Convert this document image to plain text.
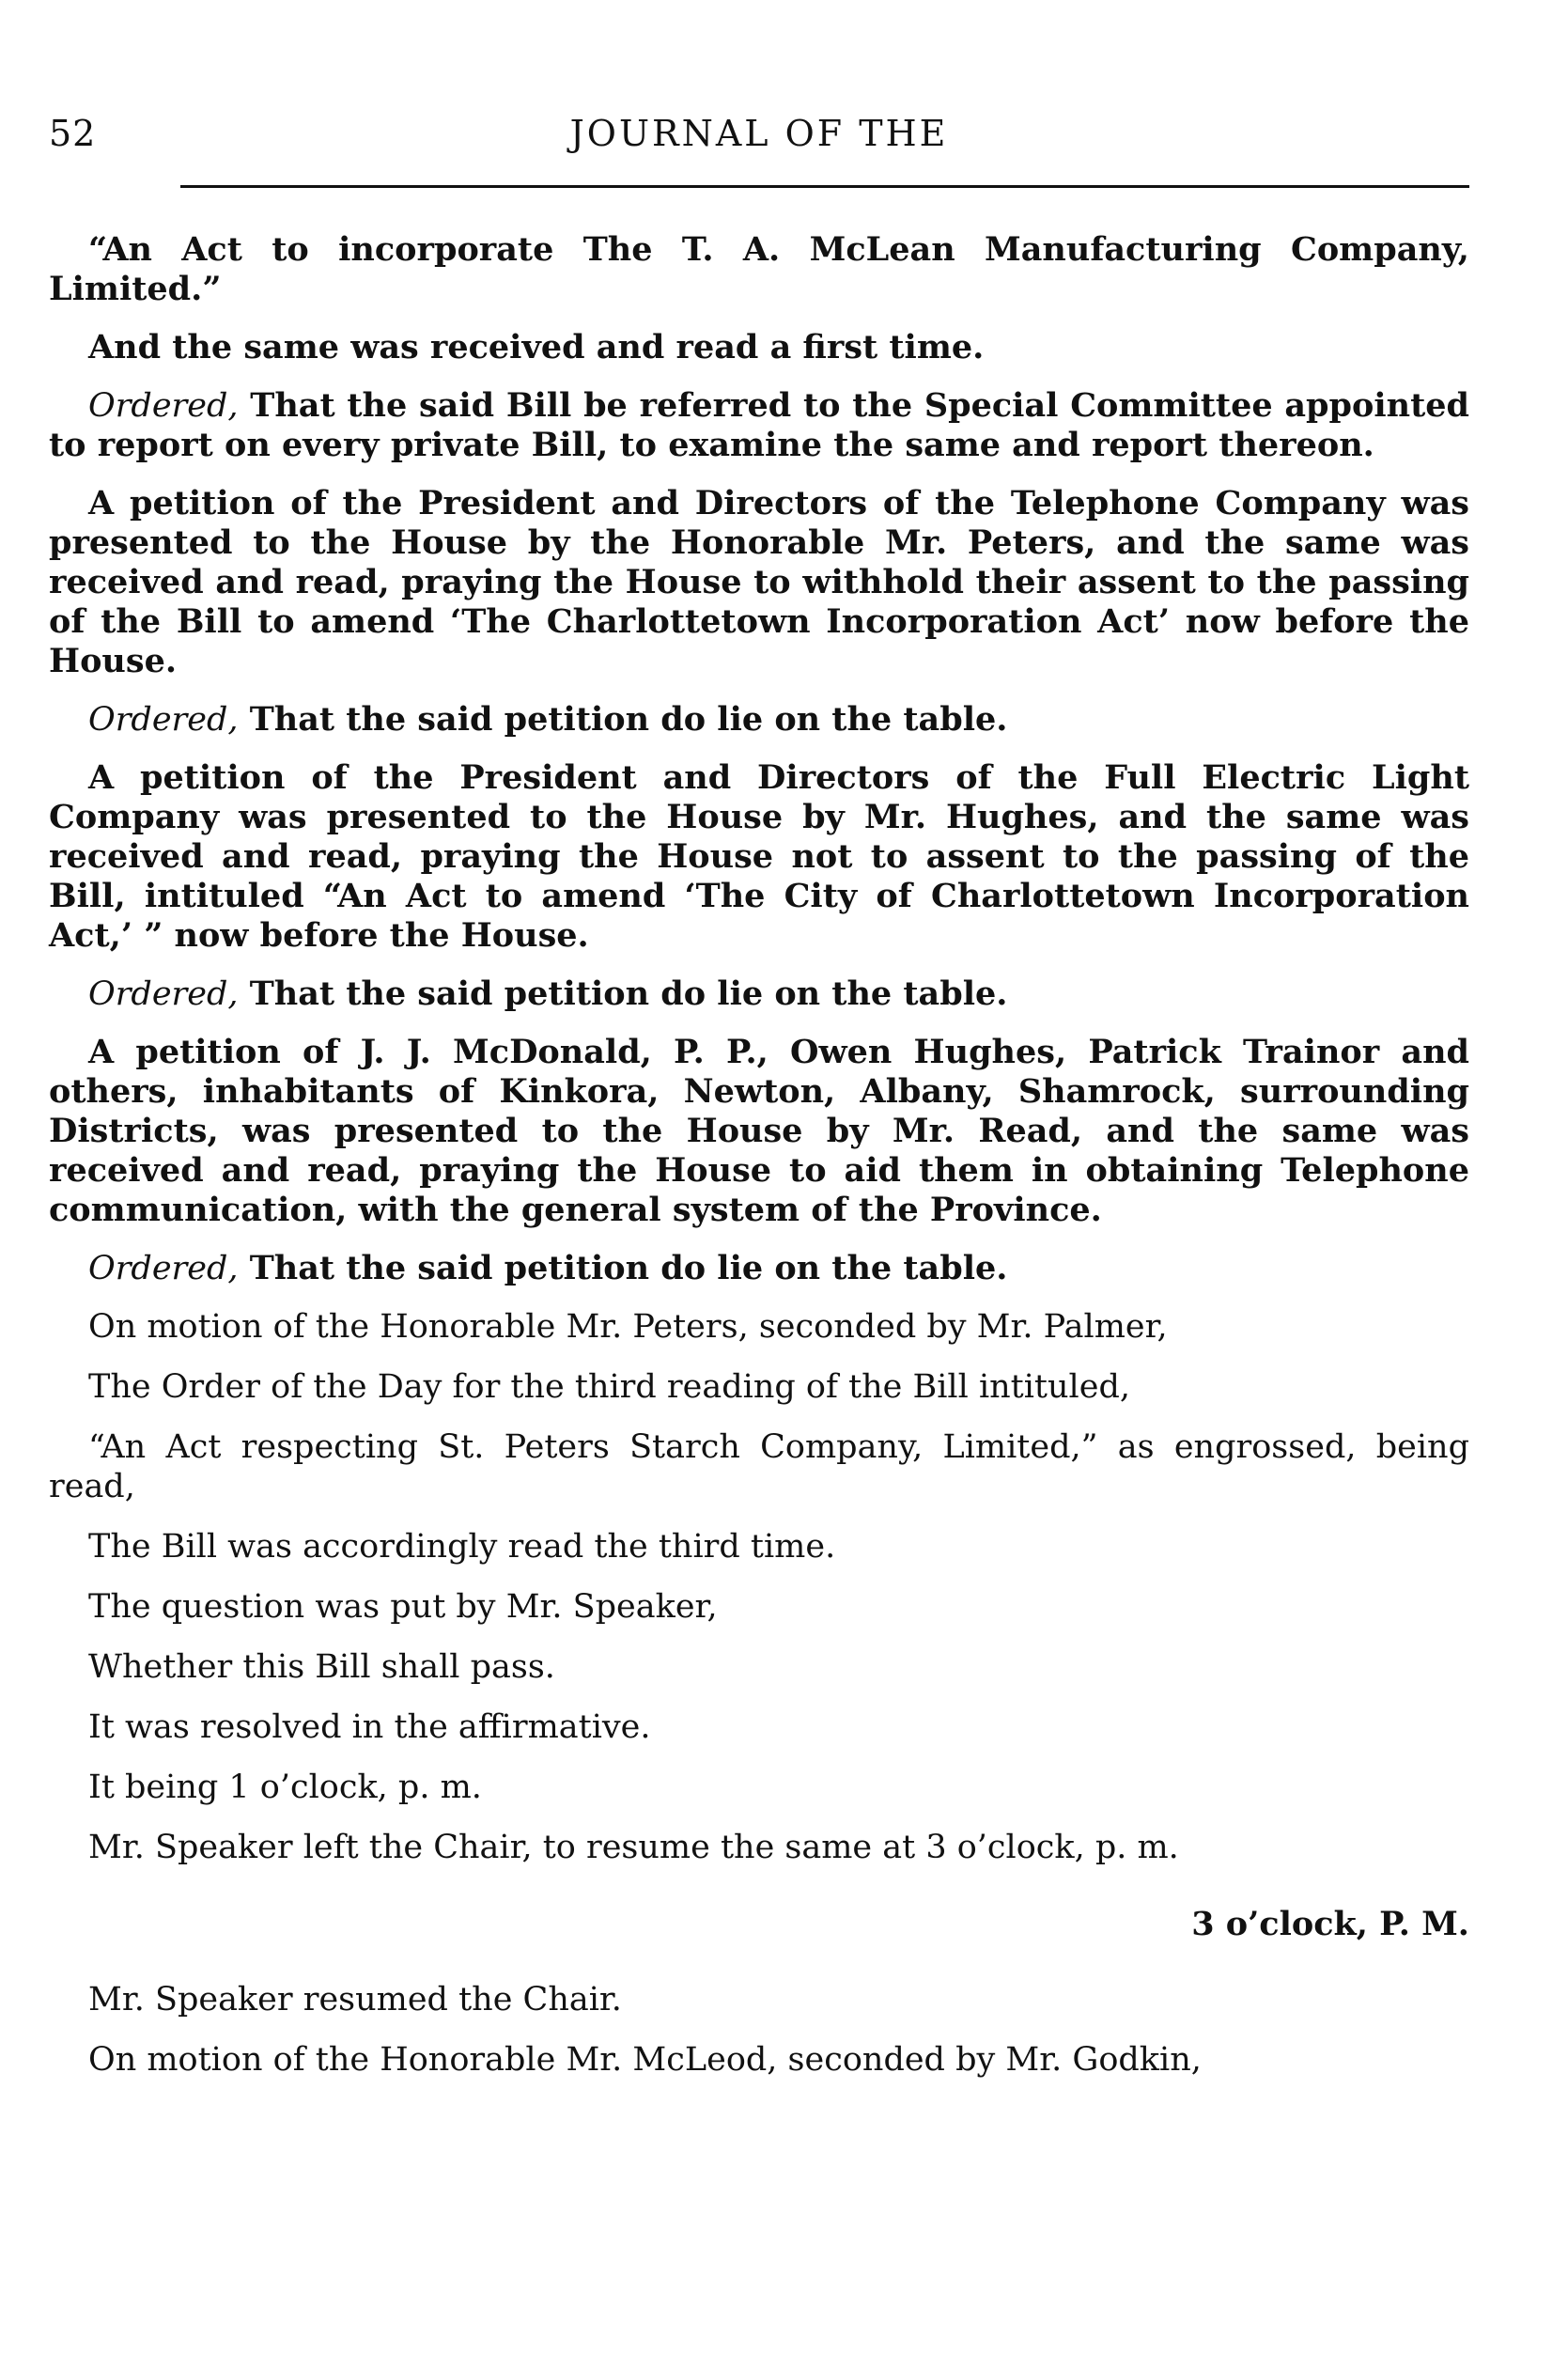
52	JOURNAL OF THE

“An Act to incorporate The T. A. McLean Manufacturing Company, Limited.”

And the same was received and read a first time.

Ordered, That the said Bill be referred to the Special Committee appointed to report on every private Bill, to examine the same and report thereon.

A petition of the President and Directors of the Telephone Company was presented to the House by the Honorable Mr. Peters, and the same was received and read, praying the House to withhold their assent to the passing of the Bill to amend ‘The Charlottetown Incorporation Act’ now before the House.

Ordered, That the said petition do lie on the table.

A petition of the President and Directors of the Full Electric Light Company was presented to the House by Mr. Hughes, and the same was received and read, praying the House not to assent to the passing of the Bill, intituled “An Act to amend ‘The City of Charlottetown Incorporation Act,’ ” now before the House.

Ordered, That the said petition do lie on the table.

A petition of J. J. McDonald, P. P., Owen Hughes, Patrick Trainor and others, inhabitants of Kinkora, Newton, Albany, Shamrock, surrounding Districts, was presented to the House by Mr. Read, and the same was received and read, praying the House to aid them in obtaining Telephone communication, with the general system of the Province.

Ordered, That the said petition do lie on the table.

On motion of the Honorable Mr. Peters, seconded by Mr. Palmer,

The Order of the Day for the third reading of the Bill intituled,

“An Act respecting St. Peters Starch Company, Limited,” as engrossed, being read,

The Bill was accordingly read the third time.

The question was put by Mr. Speaker,

Whether this Bill shall pass.

It was resolved in the affirmative.

It being 1 o’clock, p. m.

Mr. Speaker left the Chair, to resume the same at 3 o’clock, p. m.

3 o’clock, P. M.

Mr. Speaker resumed the Chair.

On motion of the Honorable Mr. McLeod, seconded by Mr. Godkin,
